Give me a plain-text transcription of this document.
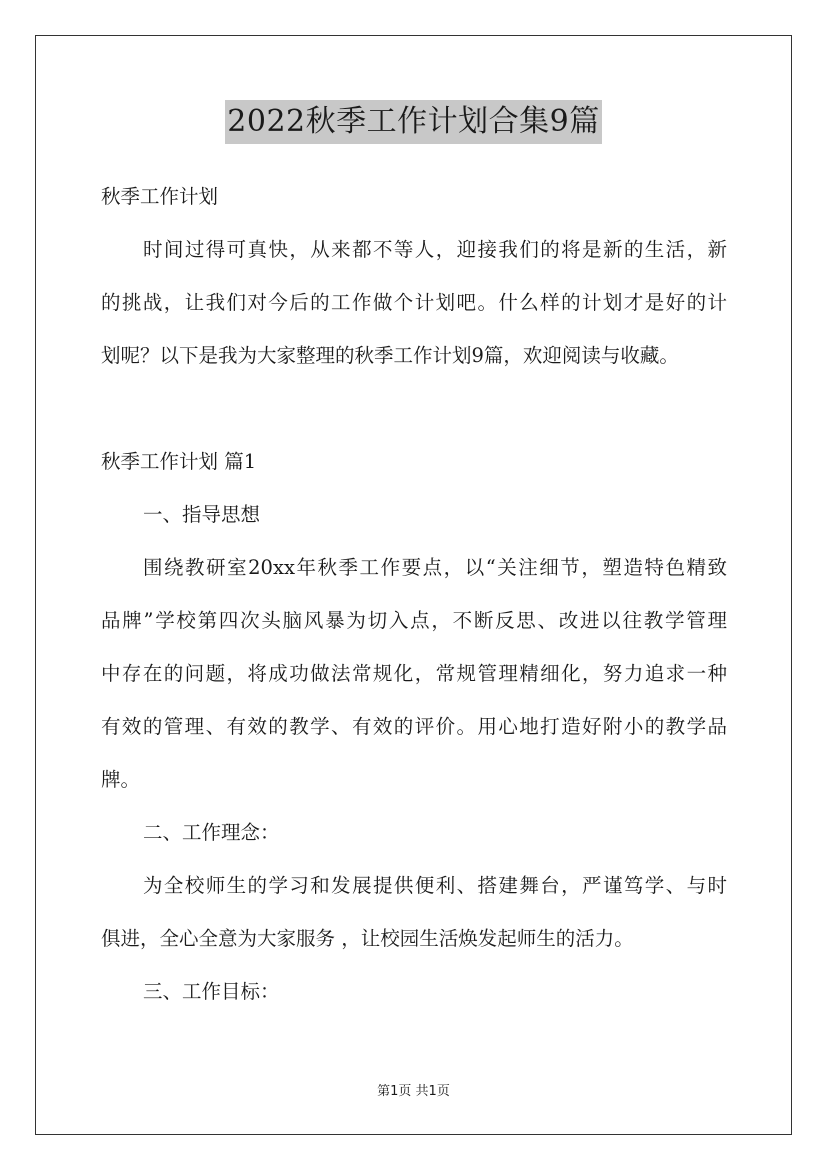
2022秋季工作计划合集9篇
秋季工作计划
时间过得可真快，从来都不等人，迎接我们的将是新的生活，新
的挑战，让我们对今后的工作做个计划吧。什么样的计划才是好的计
划呢？以下是我为大家整理的秋季工作计划9篇，欢迎阅读与收藏。
秋季工作计划 篇1
一、指导思想
围绕教研室20xx年秋季工作要点，以“关注细节，塑造特色精致
品牌”学校第四次头脑风暴为切入点，不断反思、改进以往教学管理
中存在的问题，将成功做法常规化，常规管理精细化，努力追求一种
有效的管理、有效的教学、有效的评价。用心地打造好附小的教学品
牌。
二、工作理念：
为全校师生的学习和发展提供便利、搭建舞台，严谨笃学、与时
俱进，全心全意为大家服务 ，让校园生活焕发起师生的活力。
三、工作目标：
第1页 共1页
